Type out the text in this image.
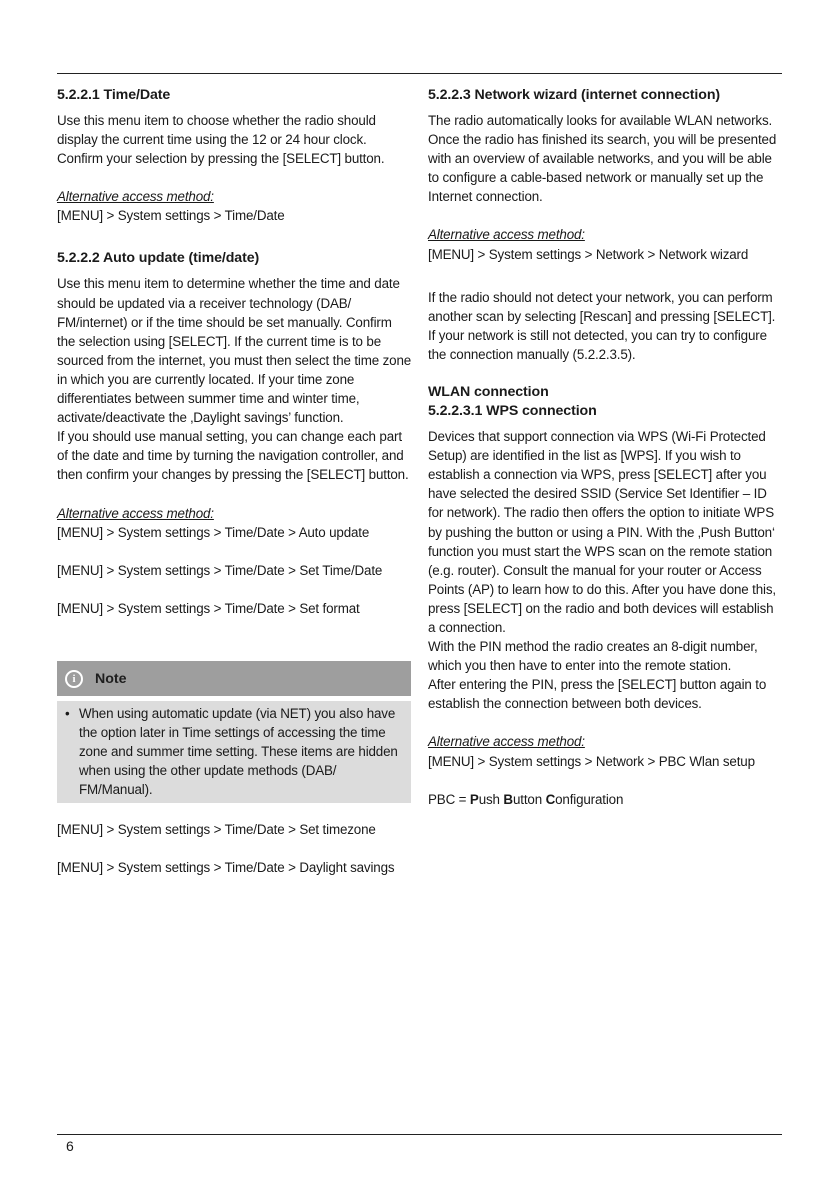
5.2.2.1 Time/Date

Use this menu item to choose whether the radio should display the current time using the 12 or 24 hour clock. Confirm your selection by pressing the [SELECT] button.

Alternative access method:

[MENU] > System settings > Time/Date

5.2.2.2 Auto update (time/date)

Use this menu item to determine whether the time and date should be updated via a receiver technology (DAB/ FM/internet) or if the time should be set manually. Confirm the selection using [SELECT]. If the current time is to be sourced from the internet, you must then select the time zone in which you are currently located. If your time zone differentiates between summer time and winter time, activate/deactivate the ‚Daylight savings’ function.

If you should use manual setting, you can change each part of the date and time by turning the navigation controller, and then confirm your changes by pressing the [SELECT] button.

Alternative access method:

[MENU] > System settings > Time/Date > Auto update

[MENU] > System settings > Time/Date > Set Time/Date

[MENU] > System settings > Time/Date > Set format

i	Note
• When using automatic update (via NET) you also have the option later in Time settings of accessing the time zone and summer time setting. These items are hidden when using the other update methods (DAB/ FM/Manual).

[MENU] > System settings > Time/Date > Set timezone

[MENU] > System settings > Time/Date > Daylight savings

5.2.2.3 Network wizard (internet connection)

The radio automatically looks for available WLAN networks. Once the radio has finished its search, you will be presented with an overview of available networks, and you will be able to configure a cable-based network or manually set up the Internet connection.

Alternative access method:

[MENU] > System settings > Network > Network wizard

If the radio should not detect your network, you can perform another scan by selecting [Rescan] and pressing [SELECT]. If your network is still not detected, you can try to configure the connection manually (5.2.2.3.5).

WLAN connection
5.2.2.3.1 WPS connection

Devices that support connection via WPS (Wi-Fi Protected Setup) are identified in the list as [WPS]. If you wish to establish a connection via WPS, press [SELECT] after you have selected the desired SSID (Service Set Identifier – ID for network). The radio then offers the option to initiate WPS by pushing the button or using a PIN. With the ‚Push Button‘ function you must start the WPS scan on the remote station (e.g. router). Consult the manual for your router or Access Points (AP) to learn how to do this. After you have done this, press [SELECT] on the radio and both devices will establish a connection.

With the PIN method the radio creates an 8-digit number, which you then have to enter into the remote station.

After entering the PIN, press the [SELECT] button again to establish the connection between both devices.

Alternative access method:

[MENU] > System settings > Network > PBC Wlan setup

PBC = Push Button Configuration

6
